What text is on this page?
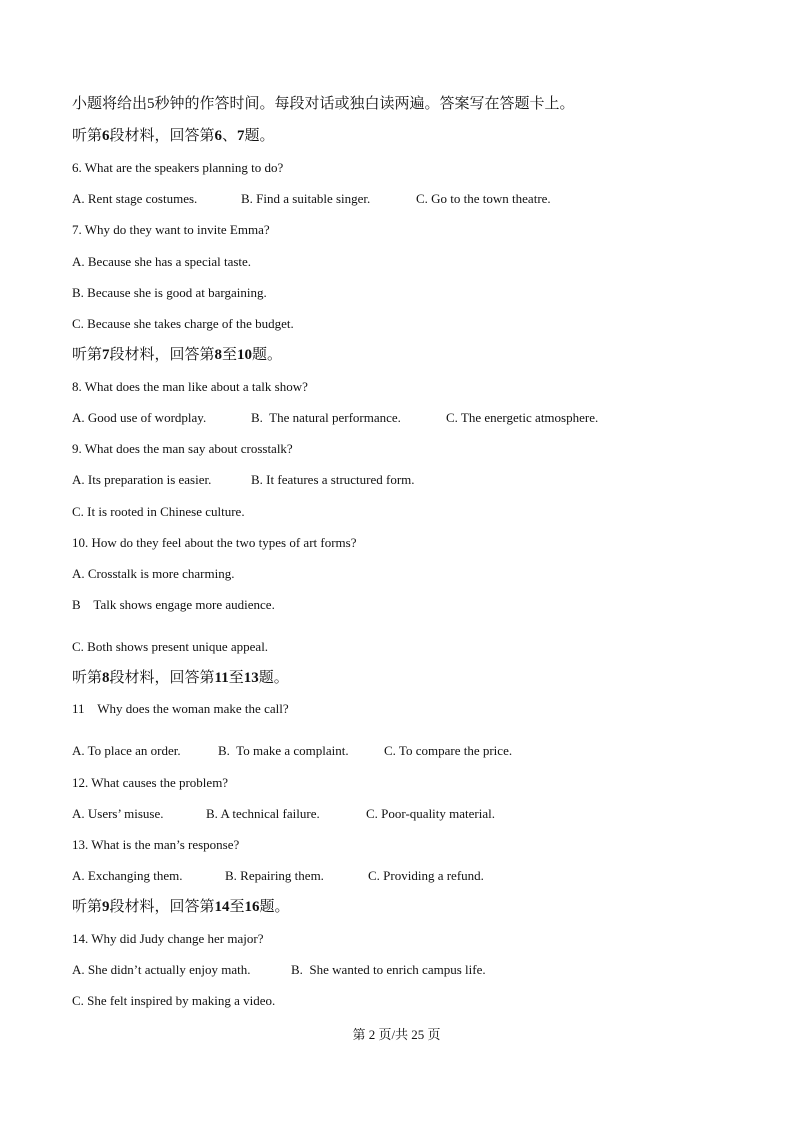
小题将给出5秒钟的作答时间。每段对话或独白读两遍。答案写在答题卡上。
听第6段材料，回答第6、7题。
6. What are the speakers planning to do?
A. Rent stage costumes.	B. Find a suitable singer.	C. Go to the town theatre.
7. Why do they want to invite Emma?
A. Because she has a special taste.
B. Because she is good at bargaining.
C. Because she takes charge of the budget.
听第7段材料，回答第8至10题。
8. What does the man like about a talk show?
A. Good use of wordplay.	B.  The natural performance.	C. The energetic atmosphere.
9. What does the man say about crosstalk?
A. Its preparation is easier.	B. It features a structured form.
C. It is rooted in Chinese culture.
10. How do they feel about the two types of art forms?
A. Crosstalk is more charming.
B    Talk shows engage more audience.
C. Both shows present unique appeal.
听第8段材料，回答第11至13题。
11    Why does the woman make the call?
A. To place an order.	B.  To make a complaint.	C. To compare the price.
12. What causes the problem?
A. Users’ misuse.	B. A technical failure.	C. Poor-quality material.
13. What is the man’s response?
A. Exchanging them.	B. Repairing them.	C. Providing a refund.
听第9段材料，回答第14至16题。
14. Why did Judy change her major?
A. She didn’t actually enjoy math.	B.  She wanted to enrich campus life.
C. She felt inspired by making a video.
第 2 页/共 25 页
